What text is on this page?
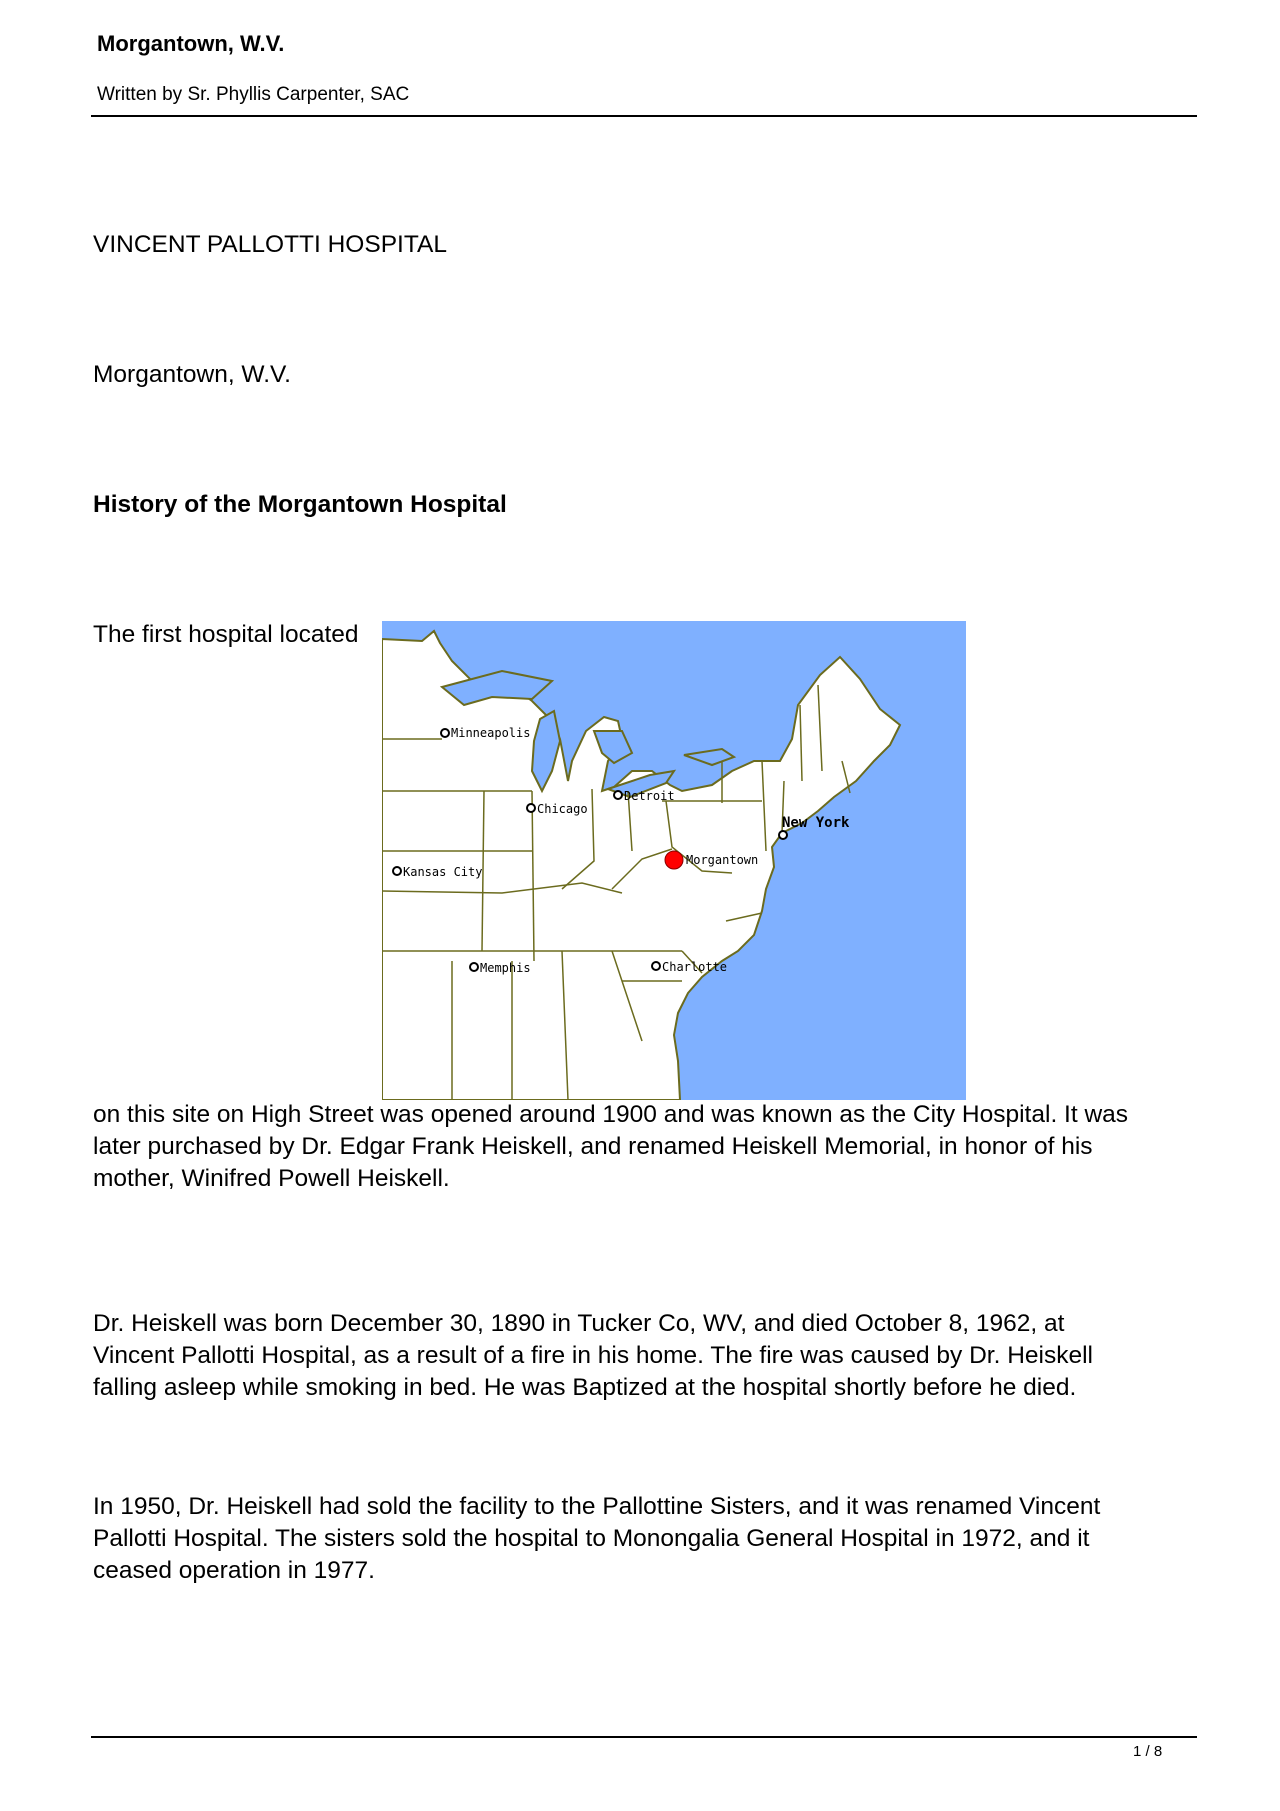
Morgantown, W.V.
Written by Sr. Phyllis Carpenter, SAC

VINCENT PALLOTTI HOSPITAL

Morgantown, W.V.

History of the Morgantown Hospital

The first hospital located

Minneapolis
Chicago
Detroit
New York
Morgantown
Kansas City
Memphis	Charlotte

on this site on High Street was opened around 1900 and was known as the City Hospital. It was
later purchased by Dr. Edgar Frank Heiskell, and renamed Heiskell Memorial, in honor of his
mother, Winifred Powell Heiskell.

Dr. Heiskell was born December 30, 1890 in Tucker Co, WV, and died October 8, 1962, at
Vincent Pallotti Hospital, as a result of a fire in his home. The fire was caused by Dr. Heiskell
falling asleep while smoking in bed. He was Baptized at the hospital shortly before he died.

In 1950, Dr. Heiskell had sold the facility to the Pallottine Sisters, and it was renamed Vincent
Pallotti Hospital. The sisters sold the hospital to Monongalia General Hospital in 1972, and it
ceased operation in 1977.

1 / 8
